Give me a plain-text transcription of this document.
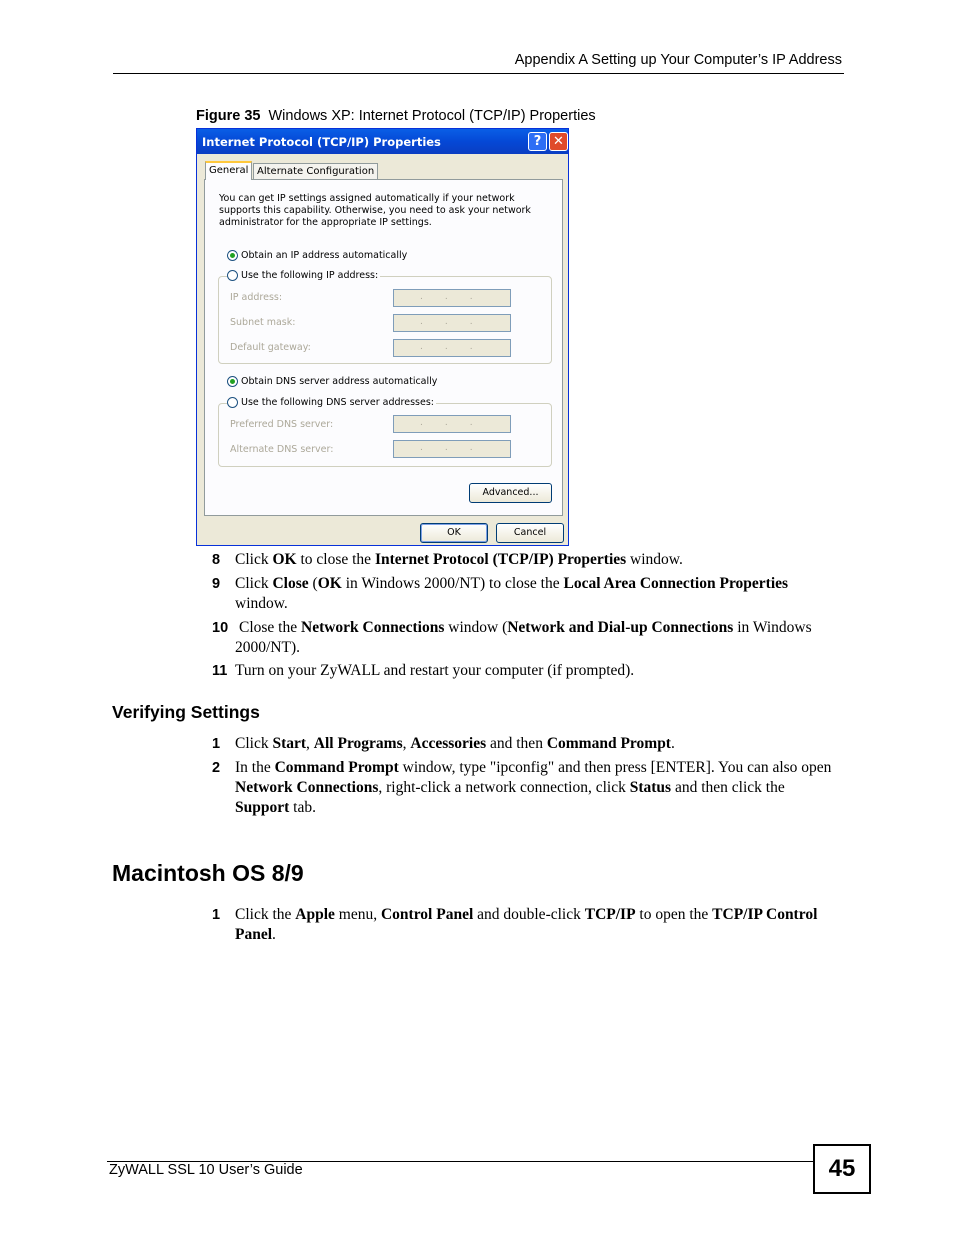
Appendix A Setting up Your Computer’s IP Address
Figure 35 Windows XP: Internet Protocol (TCP/IP) Properties
Internet Protocol (TCP/IP) Properties	? ✕
General Alternate Configuration
You can get IP settings assigned automatically if your network supports this capability. Otherwise, you need to ask your network administrator for the appropriate IP settings.
Obtain an IP address automatically
Use the following IP address:
IP address:	...
Subnet mask:	...
Default gateway:	...
Obtain DNS server address automatically
Use the following DNS server addresses:
Preferred DNS server:	...
Alternate DNS server:	...
Advanced...
OK	Cancel
8 Click OK to close the Internet Protocol (TCP/IP) Properties window.
9 Click Close (OK in Windows 2000/NT) to close the Local Area Connection Properties window.
10 Close the Network Connections window (Network and Dial-up Connections in Windows 2000/NT).
11 Turn on your ZyWALL and restart your computer (if prompted).
Verifying Settings
1 Click Start, All Programs, Accessories and then Command Prompt.
2 In the Command Prompt window, type "ipconfig" and then press [ENTER]. You can also open Network Connections, right-click a network connection, click Status and then click the Support tab.
Macintosh OS 8/9
1 Click the Apple menu, Control Panel and double-click TCP/IP to open the TCP/IP Control Panel.
ZyWALL SSL 10 User’s Guide	45
